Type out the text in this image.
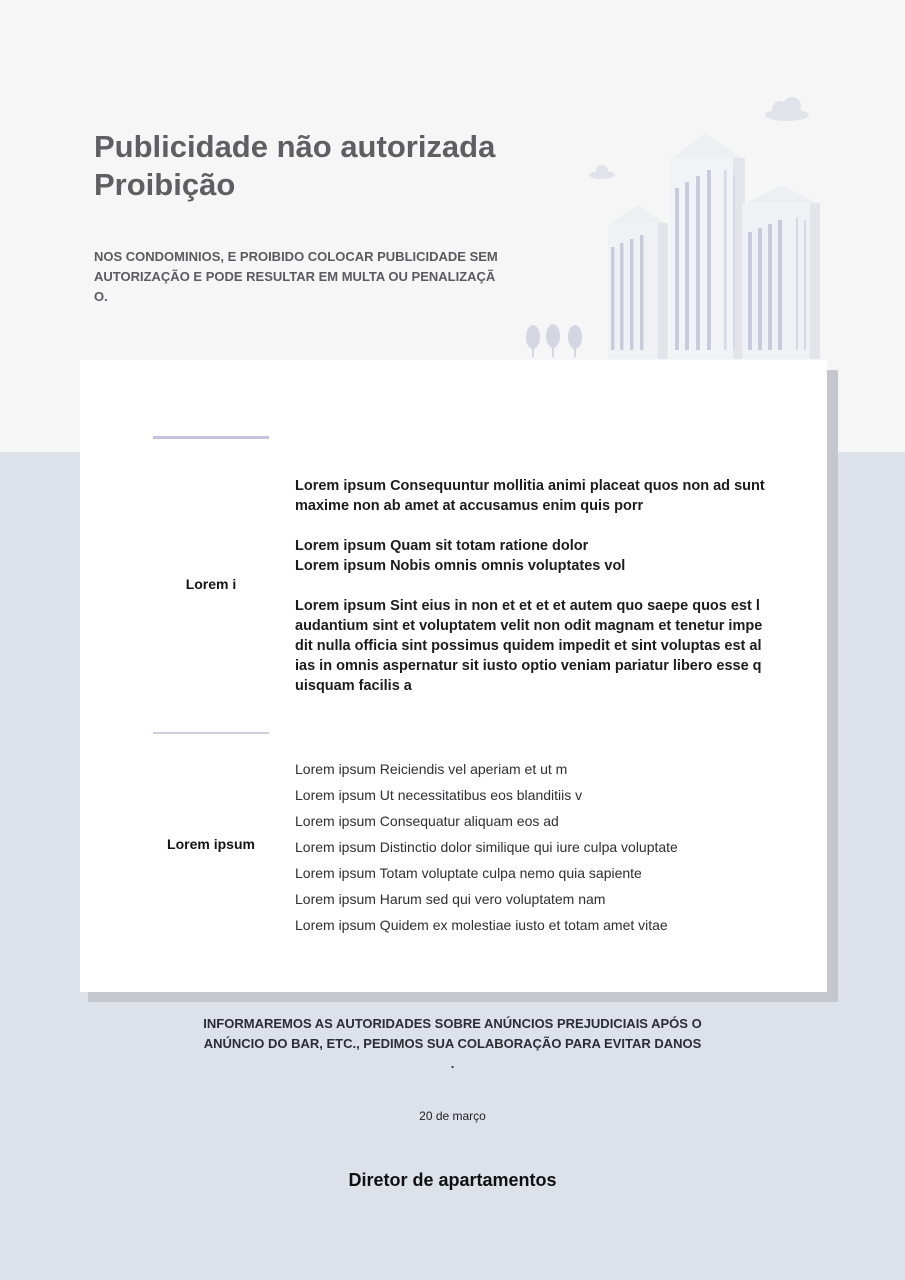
Publicidade não autorizada
Proibição

NOS CONDOMINIOS, E PROIBIDO COLOCAR PUBLICIDADE SEM AUTORIZAÇÃO E PODE RESULTAR EM MULTA OU PENALIZAÇÃO.

Lorem i

Lorem ipsum Consequuntur mollitia animi placeat quos non ad sunt maxime non ab amet at accusamus enim quis porr

Lorem ipsum Quam sit totam ratione dolor
Lorem ipsum Nobis omnis omnis voluptates vol

Lorem ipsum Sint eius in non et et et et autem quo saepe quos est laudantium sint et voluptatem velit non odit magnam et tenetur impedit nulla officia sint possimus quidem impedit et sint voluptas est alias in omnis aspernatur sit iusto optio veniam pariatur libero esse quisquam facilis a

Lorem ipsum
Lorem ipsum Reiciendis vel aperiam et ut m
Lorem ipsum Ut necessitatibus eos blanditiis v
Lorem ipsum Consequatur aliquam eos ad
Lorem ipsum Distinctio dolor similique qui iure culpa voluptate
Lorem ipsum Totam voluptate culpa nemo quia sapiente
Lorem ipsum Harum sed qui vero voluptatem nam
Lorem ipsum Quidem ex molestiae iusto et totam amet vitae

INFORMAREMOS AS AUTORIDADES SOBRE ANÚNCIOS PREJUDICIAIS APÓS O
ANÚNCIO DO BAR, ETC., PEDIMOS SUA COLABORAÇÃO PARA EVITAR DANOS
.

20 de março
Diretor de apartamentos
